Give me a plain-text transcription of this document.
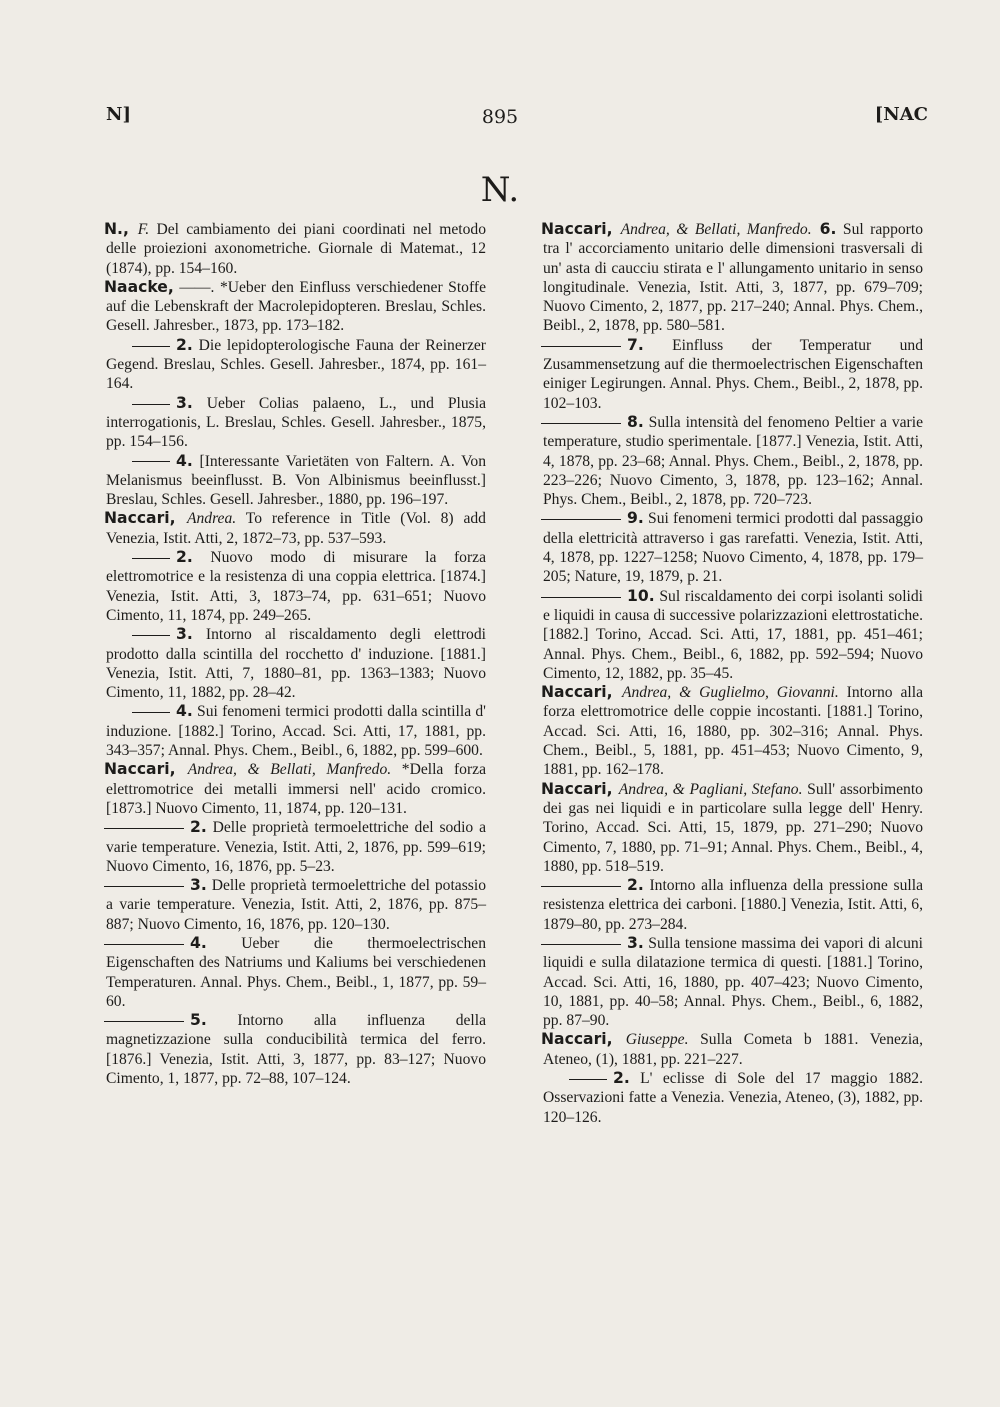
N]	895	[NAC
N.

N., F. Del cambiamento dei piani coordinati nel metodo delle proiezioni axonometriche. Giornale di Matemat., 12 (1874), pp. 154–160.

Naacke, ——. *Ueber den Einfluss verschiedener Stoffe auf die Lebenskraft der Macrolepidopteren. Breslau, Schles. Gesell. Jahresber., 1873, pp. 173–182.

2. Die lepidopterologische Fauna der Reinerzer Gegend. Breslau, Schles. Gesell. Jahresber., 1874, pp. 161–164.

3. Ueber Colias palaeno, L., und Plusia interrogationis, L. Breslau, Schles. Gesell. Jahresber., 1875, pp. 154–156.

4. [Interessante Varietäten von Faltern. A. Von Melanismus beeinflusst. B. Von Albinismus beeinflusst.] Breslau, Schles. Gesell. Jahresber., 1880, pp. 196–197.

Naccari, Andrea. To reference in Title (Vol. 8) add Venezia, Istit. Atti, 2, 1872–73, pp. 537–593.

2. Nuovo modo di misurare la forza elettromotrice e la resistenza di una coppia elettrica. [1874.] Venezia, Istit. Atti, 3, 1873–74, pp. 631–651; Nuovo Cimento, 11, 1874, pp. 249–265.

3. Intorno al riscaldamento degli elettrodi prodotto dalla scintilla del rocchetto d' induzione. [1881.] Venezia, Istit. Atti, 7, 1880–81, pp. 1363–1383; Nuovo Cimento, 11, 1882, pp. 28–42.

4. Sui fenomeni termici prodotti dalla scintilla d' induzione. [1882.] Torino, Accad. Sci. Atti, 17, 1881, pp. 343–357; Annal. Phys. Chem., Beibl., 6, 1882, pp. 599–600.

Naccari, Andrea, & Bellati, Manfredo. *Della forza elettromotrice dei metalli immersi nell' acido cromico. [1873.] Nuovo Cimento, 11, 1874, pp. 120–131.

2. Delle proprietà termoelettriche del sodio a varie temperature. Venezia, Istit. Atti, 2, 1876, pp. 599–619; Nuovo Cimento, 16, 1876, pp. 5–23.

3. Delle proprietà termoelettriche del potassio a varie temperature. Venezia, Istit. Atti, 2, 1876, pp. 875–887; Nuovo Cimento, 16, 1876, pp. 120–130.

4. Ueber die thermoelectrischen Eigenschaften des Natriums und Kaliums bei verschiedenen Temperaturen. Annal. Phys. Chem., Beibl., 1, 1877, pp. 59–60.

5. Intorno alla influenza della magnetizzazione sulla conducibilità termica del ferro. [1876.] Venezia, Istit. Atti, 3, 1877, pp. 83–127; Nuovo Cimento, 1, 1877, pp. 72–88, 107–124.

Naccari, Andrea, & Bellati, Manfredo. 6. Sul rapporto tra l' accorciamento unitario delle dimensioni trasversali di un' asta di caucciu stirata e l' allungamento unitario in senso longitudinale. Venezia, Istit. Atti, 3, 1877, pp. 679–709; Nuovo Cimento, 2, 1877, pp. 217–240; Annal. Phys. Chem., Beibl., 2, 1878, pp. 580–581.

7. Einfluss der Temperatur und Zusammensetzung auf die thermoelectrischen Eigenschaften einiger Legirungen. Annal. Phys. Chem., Beibl., 2, 1878, pp. 102–103.

8. Sulla intensità del fenomeno Peltier a varie temperature, studio sperimentale. [1877.] Venezia, Istit. Atti, 4, 1878, pp. 23–68; Annal. Phys. Chem., Beibl., 2, 1878, pp. 223–226; Nuovo Cimento, 3, 1878, pp. 123–162; Annal. Phys. Chem., Beibl., 2, 1878, pp. 720–723.

9. Sui fenomeni termici prodotti dal passaggio della elettricità attraverso i gas rarefatti. Venezia, Istit. Atti, 4, 1878, pp. 1227–1258; Nuovo Cimento, 4, 1878, pp. 179–205; Nature, 19, 1879, p. 21.

10. Sul riscaldamento dei corpi isolanti solidi e liquidi in causa di successive polarizzazioni elettrostatiche. [1882.] Torino, Accad. Sci. Atti, 17, 1881, pp. 451–461; Annal. Phys. Chem., Beibl., 6, 1882, pp. 592–594; Nuovo Cimento, 12, 1882, pp. 35–45.

Naccari, Andrea, & Guglielmo, Giovanni. Intorno alla forza elettromotrice delle coppie incostanti. [1881.] Torino, Accad. Sci. Atti, 16, 1880, pp. 302–316; Annal. Phys. Chem., Beibl., 5, 1881, pp. 451–453; Nuovo Cimento, 9, 1881, pp. 162–178.

Naccari, Andrea, & Pagliani, Stefano. Sull' assorbimento dei gas nei liquidi e in particolare sulla legge dell' Henry. Torino, Accad. Sci. Atti, 15, 1879, pp. 271–290; Nuovo Cimento, 7, 1880, pp. 71–91; Annal. Phys. Chem., Beibl., 4, 1880, pp. 518–519.

2. Intorno alla influenza della pressione sulla resistenza elettrica dei carboni. [1880.] Venezia, Istit. Atti, 6, 1879–80, pp. 273–284.

3. Sulla tensione massima dei vapori di alcuni liquidi e sulla dilatazione termica di questi. [1881.] Torino, Accad. Sci. Atti, 16, 1880, pp. 407–423; Nuovo Cimento, 10, 1881, pp. 40–58; Annal. Phys. Chem., Beibl., 6, 1882, pp. 87–90.

Naccari, Giuseppe. Sulla Cometa b 1881. Venezia, Ateneo, (1), 1881, pp. 221–227.

2. L' eclisse di Sole del 17 maggio 1882. Osservazioni fatte a Venezia. Venezia, Ateneo, (3), 1882, pp. 120–126.
